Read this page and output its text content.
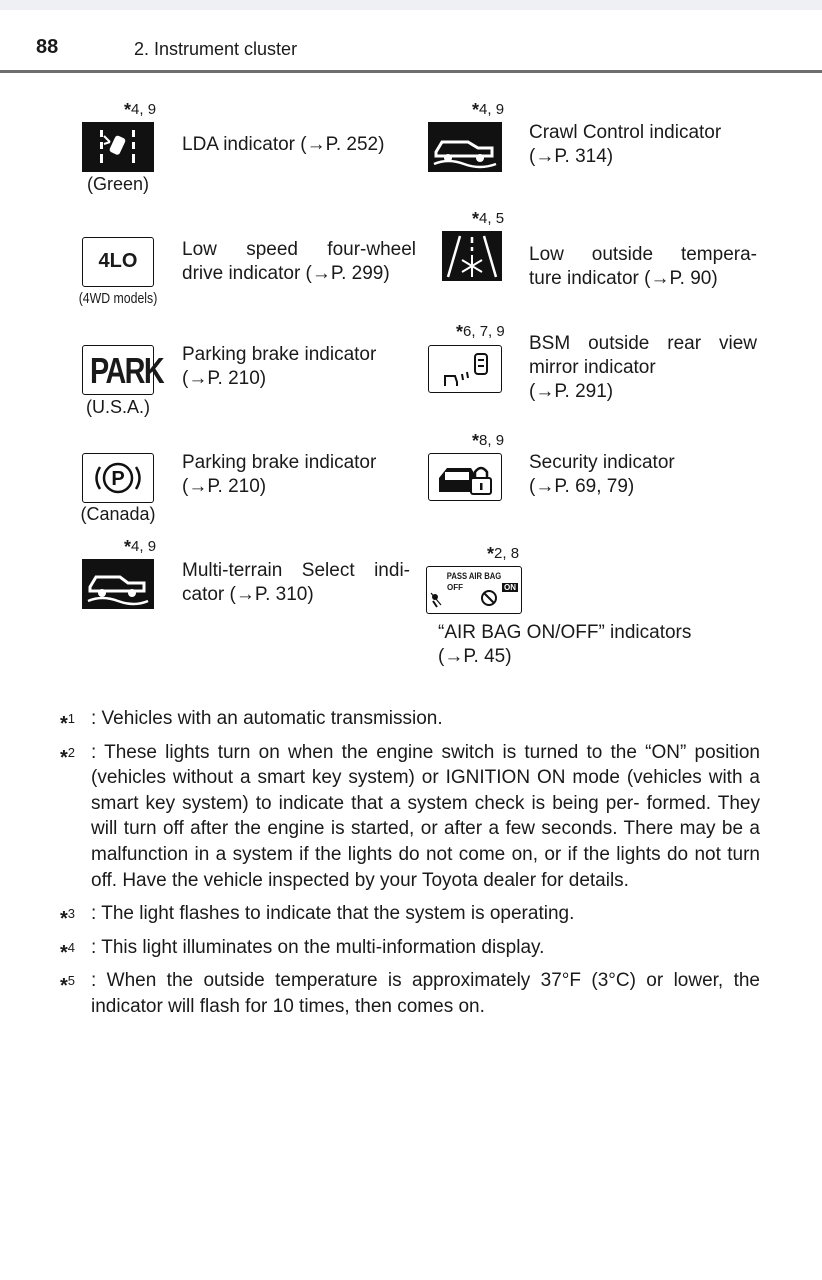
88	2. Instrument cluster
*4, 9
(Green)
LDA indicator (→P. 252)
*4, 9
Crawl Control indicator
(→P. 314)
4LO
(4WD models)
Low speed four-wheel
drive indicator (→P. 299)
*4, 5
Low outside tempera-
ture indicator (→P. 90)
PARK
(U.S.A.)
Parking brake indicator
(→P. 210)
*6, 7, 9
BSM outside rear view
mirror indicator
(→P. 291)
P
(Canada)
Parking brake indicator
(→P. 210)
*8, 9
Security indicator
(→P. 69, 79)
*4, 9
Multi-terrain Select indi-
cator (→P. 310)
*2, 8
PASS AIR BAG
OFF	ON
“AIR BAG ON/OFF” indicators
(→P. 45)
*$^1$ : Vehicles with an automatic transmission.
*$^2$ : These lights turn on when the engine switch is turned to the “ON” position (vehicles without a smart key system) or IGNITION ON mode (vehicles with a smart key system) to indicate that a system check is being per- formed. They will turn off after the engine is started, or after a few seconds. There may be a malfunction in a system if the lights do not come on, or if the lights do not turn off. Have the vehicle inspected by your Toyota dealer for details.
*$^3$ : The light flashes to indicate that the system is operating.
*$^4$ : This light illuminates on the multi-information display.
*$^5$ : When the outside temperature is approximately 37°F (3°C) or lower, the indicator will flash for 10 times, then comes on.
